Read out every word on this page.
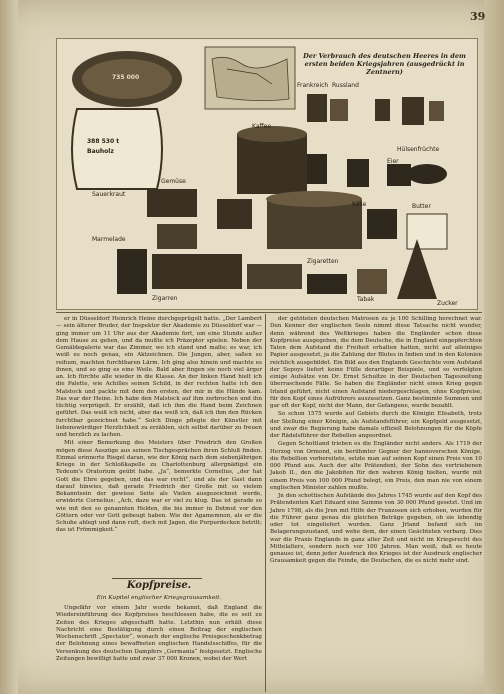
39
Der Verbrauch des deutschen Heeres in dem ersten beiden Kriegsjahren (ausgedrückt in Zentnern)
735 000
388 530 t
Bauholz
Kaffee
Gemüse
Sauerkraut
Marmelade
Käse
Eier
Butter
Zigarren
Zigaretten
Zucker
Tabak
Hülsenfrüchte
Frankreich Russland

er in Düsseldorf Heinrich Heine durchgeprügelt hatte. „Der Lambert — sein älterer Bruder, der Inspektor der Akademie zu Düsseldorf war — ging immer um 11 Uhr aus der Akademie fort, um eine Stunde außer dem Hause zu gehen, und da mußte ich Präzeptor spielen. Neben der Gemäldegalerie war das Zimmer, wo ich stand und malte; es war, ich weiß es noch genau, ein Aktzeichnen. Die Jungen, aber, saßen so reihum, machten furchtbaren Lärm. Ich ging also hinein und machte es ihnen, und so ging es eine Weile. Bald aber fingen sie noch viel ärger an. Ich fürchte alle wieder in die Klasse. An der linken Hand hielt ich die Palette, wie Achilles seinen Schild, in der rechten hatte ich den Malstock und packte mit dem den ersten, der mir in die Hände kam. Das war der Heine. Ich habe den Malstock auf ihm zerbrochen und ihn tüchtig verprügelt. Er erzählt, daß ich ihm die Hand beim Zeichnen geführt. Das weiß ich nicht, aber das weiß ich, daß ich ihm den Rücken furchtbar gezeichnet habe.“ Solch Dinge pflegte der Künstler mit liebenswürdiger Herzlichkeit zu erzählen, sich selbst darüber zu freuen und herzlich zu lachen.

Mit einer Bemerkung des Meisters über Friedrich den Großen mögen diese Auszüge aus seinen Tischgesprächen ihren Schluß finden. Einmal erinnerte Riegel daran, wie der König nach dem siebenjährigen Kriege in der Schloßkapelle zu Charlottenburg allergnädigst ein Tedeum's Oratorium geübt habe. „Ja“, bemerkte Cornelius, „der hat Gott die Ehre gegeben, und das war recht“, und als der Gast dann darauf hinwies, daß gerade Friedrich der Große mit so vielem Bekanntsein der gewisse Seite als Vielen ausgezeichnet werde, erwiderte Cornelius: „Ach, dazu war er viel zu klug. Das ist gerade so wie mit den so genannten Helden, die bis immer in Detmut vor den Göttern oder vor Gott gebeugt haben. Wie der Agamemnon, als er die Schuhe ablegt und dann ruft, doch mit Jagen, die Purpurdecken betritt; das ist Frömmigkeit.“

Kopfpreise.
Ein Kapitel englischer Kriegsgrausamkeit.

Ungefähr vor einem Jahr wurde bekannt, daß England die Wiedereinführung des Kopfpreises beschlossen habe, die es seit zu Zeiten des Krieges abgeschafft hatte. Letzthin nun erhält diese Nachricht eine Bestätigung durch einen Beitrag der englischen Wochenschrift „Spectator“, wonach der englische Preisgeschenkbetrag der Belohnung eines bewaffneten englischen Handelsschiffes, für die Versenkung des deutschen Dampfers „Germania“ festgesetzt. Englische Zeitungen bewilligt hatte und zwar 37 000 Kronen, wobei der Wert

der getöteten deutschen Matrosen zu je 100 Schilling berechnet war. Den Kenner der englischen Seele nimmt diese Tatsache nicht wunder, denn während des Weltkrieges haben die Engländer schon diese Kopfpreise ausgegeben, die dem Deutsche, die in England eingepferchten Taten dem Aufstand die Freiheit erhalten hatten, nicht auf alleiniges Papier ausgesetzt, ja die Zahlung der Blutes in Indien und in den Kolonien reichlich ausgebildet. Ein Bild aus den Englands Geschichte vom Aufstand der Sepoys liefert keine Fülle derartiger Beispiele, und so verfolgten einige Aufsätze von Dr. Ernst Schultze in der Deutschen Tageszeitung überraschende Fälle. So haben die Engländer nicht einen Krieg gegen Irland geführt, nicht einen Aufstand niedergeschlagen, ohne Kopfpreise, für den Kopf eines Aufrührers auszusetzen. Ganz bestimmte Summen und gar oft der Kopf, nicht der Mann, der Gefangene, wurde bezahlt.

So schon 1575 wurde auf Gebiets durch die Königin Elisabeth, trotz der Stellung einer Königin, als Aufstandsführer, ein Kopfgeld ausgesetzt, und zwar die Regierung habe damals offiziell Belohnungen für die Köpfe der Rädelsführer der Rebellen angeordnet.

Gegen Schottland trieben es die Engländer nicht anders. Als 1719 der Herzog von Ormond, ein berühmter Gegner der hannoverschen Könige, die Rebellion vorbereitete, setzte man auf seinen Kopf einen Preis von 10 000 Pfund aus. Auch der alte Prätendent, der Sohn des vertriebenen Jakob II., den die Jakobiten für den wahren König hielten, wurde mit einem Preis von 100 000 Pfund belegt, ein Preis, den man nie von einem englischen Minister zahlen mußte.

Jn den schottischen Aufstände des Jahres 1745 wurde auf den Kopf des Prätendenten Karl Eduard eine Summe von 30 000 Pfund gesetzt. Und im Jahre 1798, als die Jren mit Hilfe der Franzosen sich erhoben, wurden für die Führer ganz genau die gleichen Beträge gegeben, ob sie lebendig oder tot eingeliefert wurden. Ganz Jrland befand sich im Belagerungszustand, und wehe dem, der einen Geächteten verbarg. Dies war die Praxis Englands in ganz alter Zeit und nicht im Kriegsrecht des Mittelalters, sondern noch vor 100 Jahren. Man weiß, daß es heute genauso ist, denn jeder Ausdruck des Krieges ist der Ausdruck englischer Grausamkeit gegen die Feinde, die Deutschen, die es nicht mehr sind.
